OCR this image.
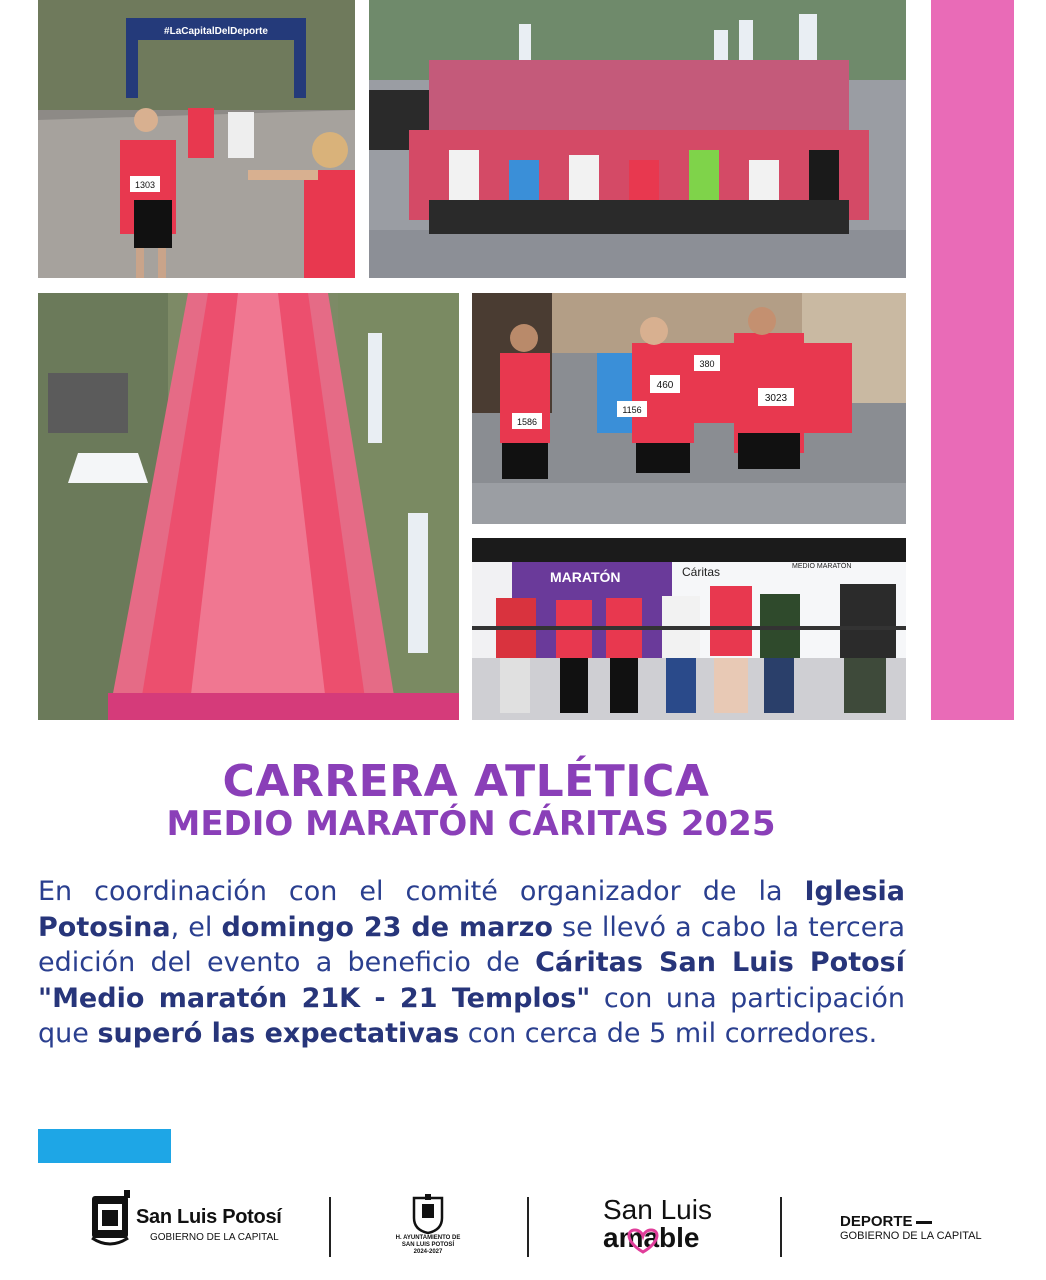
#LaCapitalDelDeporte
1303
1586
1156
460
380
3023
MARATÓN	Cáritas	MEDIO MARATÓN
CARRERA ATLÉTICA
MEDIO MARATÓN CÁRITAS 2025
En coordinación con el comité organizador de la Iglesia Potosina, el domingo 23 de marzo se llevó a cabo la tercera edición del evento a beneficio de Cáritas San Luis Potosí "Medio maratón 21K - 21 Templos" con una participación que superó las expectativas con cerca de 5 mil corredores.
San Luis Potosí
GOBIERNO DE LA CAPITAL	H. AYUNTAMIENTO DE
SAN LUIS POTOSÍ
2024-2027
San Luis
amable
DEPORTE
GOBIERNO DE LA CAPITAL
